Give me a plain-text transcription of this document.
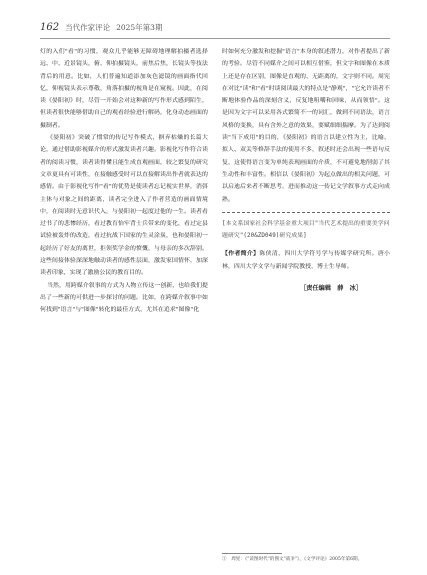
162 当代作家评论 2025年第3期

灯的入们"看"的习惯，观众几乎能够无障碍地理解拍摄者选择远、中、近景镜头，俯、仰拍摄镜头，前焦后焦，长镜头等技法背后的用意。比如，人们普遍知道添加灰色滤镜的画面指代回忆，仰视镜头表示尊敬，角落拍摄的视角是在窥视。因此，在阅读《晏阳初》时，尽管一开始会对这种新的写作形式感到陌生，但读者很快能够借助自己的观看经验进行解码，化身动态画面的摄制者。

《晏阳初》突破了惯常的传记写作模式，摒弃枯燥的长篇大论，通过借助影视媒介的形式激发读者兴趣。影视化写作符合读者的阅读习惯，读者读得懂且能生成直观画面，较之繁复的研究文章更具有可读性，在接触感受时可以直接解读出作者就表达的感情。由于影视化写作"看"的优势是使读者忘记视实世界，消弭主体与对象之间的距离，读者完全进入了作者营造的画面情境中，在阅读时无意识代入，与晏阳初一起度过他的一生。读者看过书了的悲惨经历，看过教育怡牢背士兵带来的变化，看过定县试验被轰炸的改造，看过抗战下国家的生灵涂炭，也和晏阳初一起经历了好友的离世，拒领奖学金的愤慨，与母亲的多次辞别。这些间接体验深深地触动读者的感性层面，激发家国情怀，加深读者印象，实现了激励公民的教育目的。

当然，用跨媒介叙事的方式为人物立传这一创新，也给我们提出了一些新的可供进一步探讨的问题。比如，在跨媒介叙事中如何找到"语言"与"图像"转化的最佳方式，尤其在追求"图像"化

时如何充分激发和挖掘"语言"本身的叙述潜力，对作者提出了新的考验。尽管不同媒介之间可以相互借鉴，但文字和图像在本质上还是存在区别，图像是直观的、无距离的，文字则不同。周宪在对比"读"和"看"时谈阅读最大的特点是"静观"，"它允许读者不断地体验作品的深刻含义，反复地咀嚼和回味，从而领悟"。这是因为文字可以采用各式繁简不一的词汇，做到不同语法，语言风格的变换，具有含外之意的效果，要赋细细揣摩。为了达到阅读"当下成用"的目的，《晏阳初》的语言以建立性为主，比喻、拟人、双关等修辞手法的使用不多，叙述时还会出现一些语句反复，这使得语言变为单纯表现画面的介质，不可避免地削弱了其生动性和丰富性。相信以《晏阳初》为起点做出的相关问题，可以启迪后来者不断思考，进而推动这一传记文学叙事方式走向成熟。

[本文系国家社会科学基金重大项目"当代艺术提出的重要美学问题研究"(20&ZD049)研究成果]

【作者简介】陈侠清，四川大学符号学与传媒学研究所。唐小林，四川大学文学与新闻学院教授，博士生导师。

［责任编辑　薛　冰］
①　周宪：《"读图时代"的图文"战争"》，《文学评论》2005年第6期。
